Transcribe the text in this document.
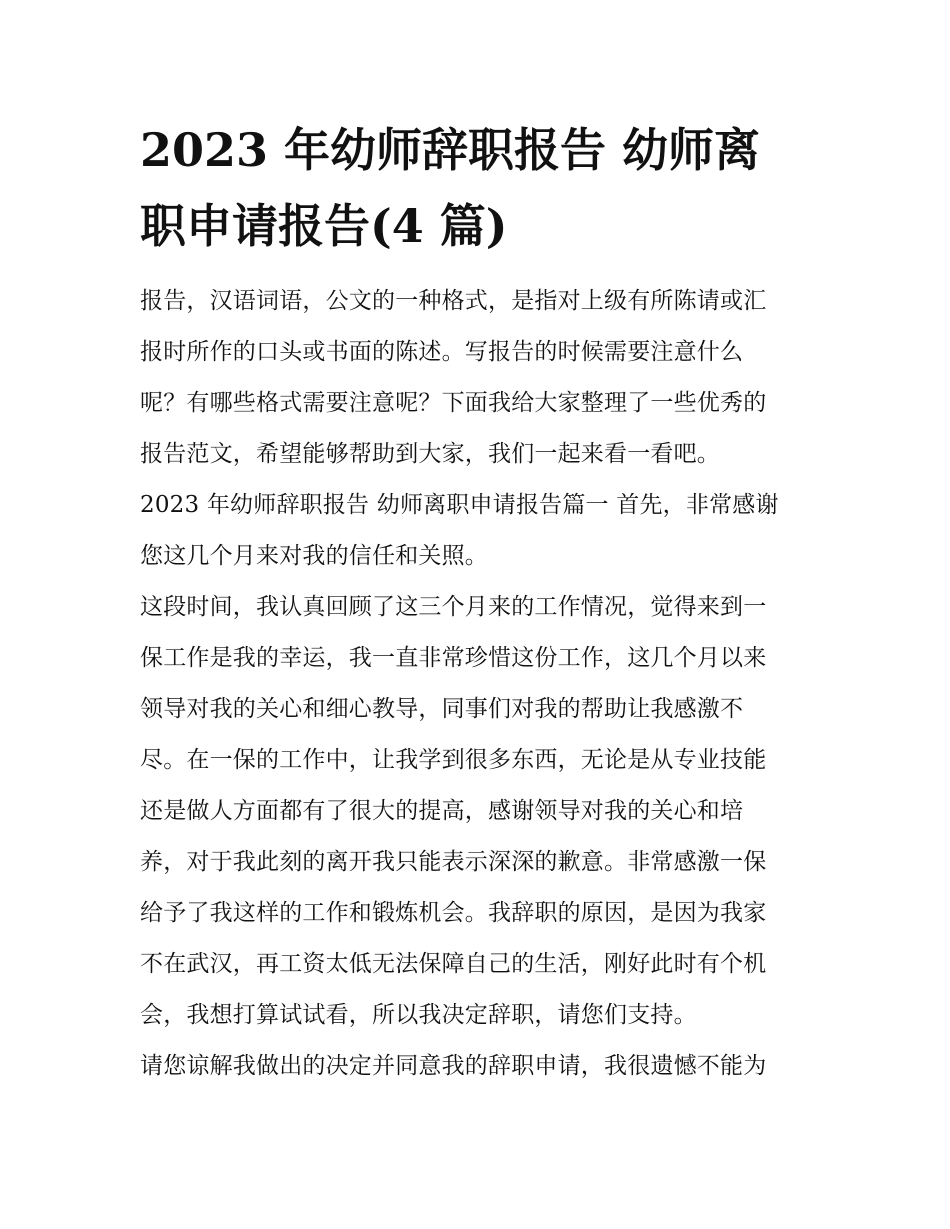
2023 年幼师辞职报告 幼师离
职申请报告(4 篇)
报告，汉语词语，公文的一种格式，是指对上级有所陈请或汇
报时所作的口头或书面的陈述。写报告的时候需要注意什么
呢？有哪些格式需要注意呢？下面我给大家整理了一些优秀的
报告范文，希望能够帮助到大家，我们一起来看一看吧。
2023 年幼师辞职报告 幼师离职申请报告篇一 首先，非常感谢
您这几个月来对我的信任和关照。
这段时间，我认真回顾了这三个月来的工作情况，觉得来到一
保工作是我的幸运，我一直非常珍惜这份工作，这几个月以来
领导对我的关心和细心教导，同事们对我的帮助让我感激不
尽。在一保的工作中，让我学到很多东西，无论是从专业技能
还是做人方面都有了很大的提高，感谢领导对我的关心和培
养，对于我此刻的离开我只能表示深深的歉意。非常感激一保
给予了我这样的工作和锻炼机会。我辞职的原因，是因为我家
不在武汉，再工资太低无法保障自己的生活，刚好此时有个机
会，我想打算试试看，所以我决定辞职，请您们支持。
请您谅解我做出的决定并同意我的辞职申请，我很遗憾不能为
